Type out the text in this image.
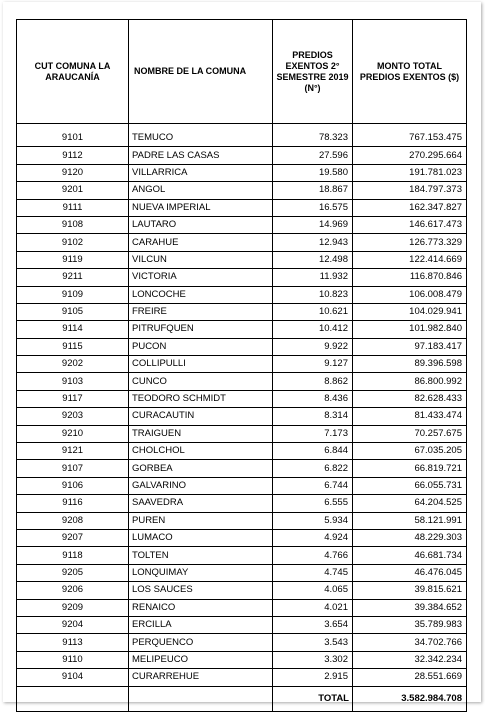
CUT COMUNA LA ARAUCANÍA	NOMBRE DE LA COMUNA	PREDIOS EXENTOS 2° SEMESTRE 2019 (N°)	MONTO TOTAL PREDIOS EXENTOS ($)

9101	TEMUCO	78.323	767.153.475
9112	PADRE LAS CASAS	27.596	270.295.664
9120	VILLARRICA	19.580	191.781.023
9201	ANGOL	18.867	184.797.373
9111	NUEVA IMPERIAL	16.575	162.347.827
9108	LAUTARO	14.969	146.617.473
9102	CARAHUE	12.943	126.773.329
9119	VILCUN	12.498	122.414.669
9211	VICTORIA	11.932	116.870.846
9109	LONCOCHE	10.823	106.008.479
9105	FREIRE	10.621	104.029.941
9114	PITRUFQUEN	10.412	101.982.840
9115	PUCON	9.922	97.183.417
9202	COLLIPULLI	9.127	89.396.598
9103	CUNCO	8.862	86.800.992
9117	TEODORO SCHMIDT	8.436	82.628.433
9203	CURACAUTIN	8.314	81.433.474
9210	TRAIGUEN	7.173	70.257.675
9121	CHOLCHOL	6.844	67.035.205
9107	GORBEA	6.822	66.819.721
9106	GALVARINO	6.744	66.055.731
9116	SAAVEDRA	6.555	64.204.525
9208	PUREN	5.934	58.121.991
9207	LUMACO	4.924	48.229.303
9118	TOLTEN	4.766	46.681.734
9205	LONQUIMAY	4.745	46.476.045
9206	LOS SAUCES	4.065	39.815.621
9209	RENAICO	4.021	39.384.652
9204	ERCILLA	3.654	35.789.983
9113	PERQUENCO	3.543	34.702.766
9110	MELIPEUCO	3.302	32.342.234
9104	CURARREHUE	2.915	28.551.669
		TOTAL	3.582.984.708
